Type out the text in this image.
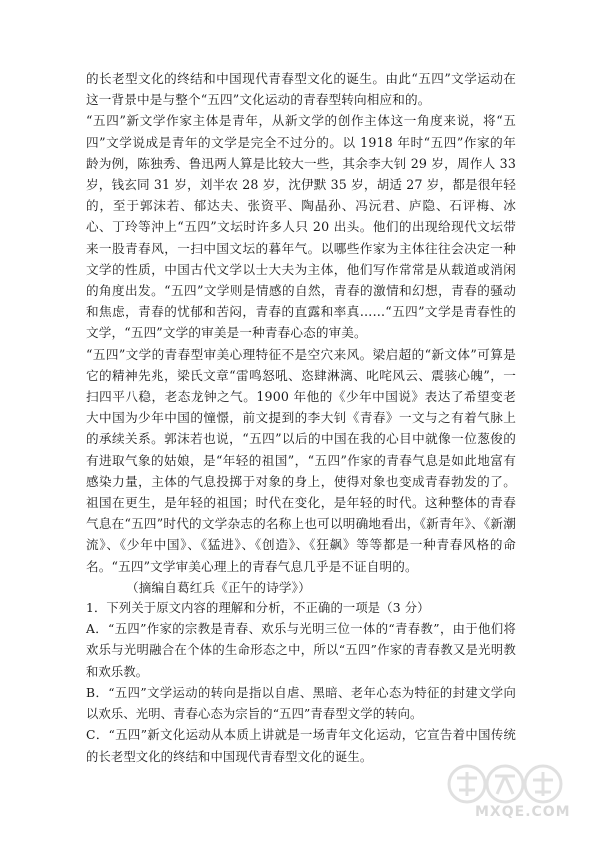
的长老型文化的终结和中国现代青春型文化的诞生。由此“五四”文学运动在这一背景中是与整个“五四”文化运动的青春型转向相应和的。

“五四”新文学作家主体是青年，从新文学的创作主体这一角度来说，将“五四”文学说成是青年的文学是完全不过分的。以 1918 年时“五四”作家的年龄为例，陈独秀、鲁迅两人算是比较大一些，其余李大钊 29 岁，周作人 33 岁，钱玄同 31 岁，刘半农 28 岁，沈伊默 35 岁，胡适 27 岁，都是很年轻的，至于郭沫若、郁达夫、张资平、陶晶孙、冯沅君、庐隐、石评梅、冰心、丁玲等沖上“五四”文坛时许多人只 20 出头。他们的出现给现代文坛带来一股青春风，一扫中国文坛的暮年气。以哪些作家为主体往往会决定一种文学的性质，中国古代文学以士大夫为主体，他们写作常常是从载道或消闲的角度出发。“五四”文学则是情感的自然，青春的激情和幻想，青春的骚动和焦虑，青春的忧郁和苦闷，青春的直露和率真……“五四”文学是青春性的文学，“五四”文学的审美是一种青春心态的审美。

“五四”文学的青春型审美心理特征不是空穴来风。梁启超的“新文体”可算是它的精神先兆，梁氏文章“雷鸣怒吼、恣肆淋漓、叱咤风云、震骇心魄”，一扫四平八稳，老态龙钟之气。1900 年他的《少年中国说》表达了希望变老大中国为少年中国的憧憬，前文提到的李大钊《青春》一文与之有着气脉上的承续关系。郭沫若也说，“五四”以后的中国在我的心目中就像一位葱俊的有进取气象的姑娘，是“年轻的祖国”，“五四”作家的青春气息是如此地富有感染力量，主体的气息投掷于对象的身上，使得对象也变成青春勃发的了。祖国在更生，是年轻的祖国；时代在变化，是年轻的时代。这种整体的青春气息在“五四”时代的文学杂志的名称上也可以明确地看出，《新青年》、《新潮流》、《少年中国》、《猛进》、《创造》、《狂飙》等等都是一种青春风格的命名。“五四”文学审美心理上的青春气息几乎是不证自明的。

（摘编自葛红兵《正午的诗学》）

1．下列关于原文内容的理解和分析，不正确的一项是（3 分）

A．“五四”作家的宗教是青春、欢乐与光明三位一体的“青春教”，由于他们将欢乐与光明融合在个体的生命形态之中，所以“五四”作家的青春教又是光明教和欢乐教。

B．“五四”文学运动的转向是指以自虐、黑暗、老年心态为特征的封建文学向以欢乐、光明、青春心态为宗旨的“五四”青春型文学的转向。

C．“五四”新文化运动从本质上讲就是一场青年文化运动，它宣告着中国传统的长老型文化的终结和中国现代青春型文化的诞生。

MXQE.COM
